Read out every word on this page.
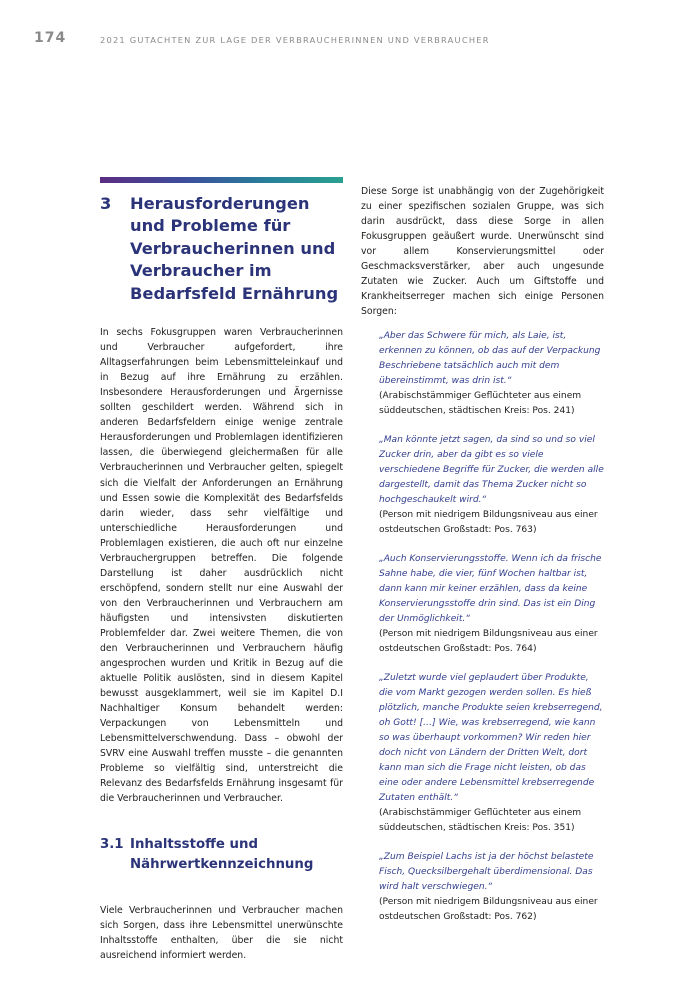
174	2021 GUTACHTEN ZUR LAGE DER VERBRAUCHERINNEN UND VERBRAUCHER
3	Herausforderungen und Probleme für Verbraucherinnen und Verbraucher im Bedarfsfeld Ernährung

In sechs Fokusgruppen waren Verbraucherinnen und Verbraucher aufgefordert, ihre Alltagserfahrungen beim Lebensmitteleinkauf und in Bezug auf ihre Ernährung zu erzählen. Insbesondere Herausforderungen und Ärgernisse sollten geschildert werden. Während sich in anderen Bedarfsfeldern einige wenige zentrale Herausforderungen und Problemlagen identifizieren lassen, die überwiegend gleichermaßen für alle Verbraucherinnen und Verbraucher gelten, spiegelt sich die Vielfalt der Anforderungen an Ernährung und Essen sowie die Komplexität des Bedarfsfelds darin wieder, dass sehr vielfältige und unterschiedliche Herausforderungen und Problemlagen existieren, die auch oft nur einzelne Verbrauchergruppen betreffen. Die folgende Darstellung ist daher ausdrücklich nicht erschöpfend, sondern stellt nur eine Auswahl der von den Verbraucherinnen und Verbrauchern am häufigsten und intensivsten diskutierten Problemfelder dar. Zwei weitere Themen, die von den Verbraucherinnen und Verbrauchern häufig angesprochen wurden und Kritik in Bezug auf die aktuelle Politik auslösten, sind in diesem Kapitel bewusst ausgeklammert, weil sie im Kapitel D.I Nachhaltiger Konsum behandelt werden: Verpackungen von Lebensmitteln und Lebensmittelverschwendung. Dass – obwohl der SVRV eine Auswahl treffen musste – die genannten Probleme so vielfältig sind, unterstreicht die Relevanz des Bedarfsfelds Ernährung insgesamt für die Verbraucherinnen und Verbraucher.

3.1 Inhaltsstoffe und Nährwertkennzeichnung

Viele Verbraucherinnen und Verbraucher machen sich Sorgen, dass ihre Lebensmittel unerwünschte Inhaltsstoffe enthalten, über die sie nicht ausreichend informiert werden.

Diese Sorge ist unabhängig von der Zugehörigkeit zu einer spezifischen sozialen Gruppe, was sich darin ausdrückt, dass diese Sorge in allen Fokusgruppen geäußert wurde. Unerwünscht sind vor allem Konservierungsmittel oder Geschmacksverstärker, aber auch ungesunde Zutaten wie Zucker. Auch um Giftstoffe und Krankheitserreger machen sich einige Personen Sorgen:

„Aber das Schwere für mich, als Laie, ist, erkennen zu können, ob das auf der Verpackung Beschriebene tatsächlich auch mit dem übereinstimmt, was drin ist.“

(Arabischstämmiger Geflüchteter aus einem süddeutschen, städtischen Kreis: Pos. 241)

„Man könnte jetzt sagen, da sind so und so viel Zucker drin, aber da gibt es so viele verschiedene Begriffe für Zucker, die werden alle dargestellt, damit das Thema Zucker nicht so hochgeschaukelt wird.“

(Person mit niedrigem Bildungsniveau aus einer ostdeutschen Großstadt: Pos. 763)

„Auch Konservierungsstoffe. Wenn ich da frische Sahne habe, die vier, fünf Wochen haltbar ist, dann kann mir keiner erzählen, dass da keine Konservierungsstoffe drin sind. Das ist ein Ding der Unmöglichkeit.“

(Person mit niedrigem Bildungsniveau aus einer ostdeutschen Großstadt: Pos. 764)

„Zuletzt wurde viel geplaudert über Produkte, die vom Markt gezogen werden sollen. Es hieß plötzlich, manche Produkte seien krebserregend, oh Gott! […] Wie, was krebserregend, wie kann so was überhaupt vorkommen? Wir reden hier doch nicht von Ländern der Dritten Welt, dort kann man sich die Frage nicht leisten, ob das eine oder andere Lebensmittel krebserregende Zutaten enthält.“

(Arabischstämmiger Geflüchteter aus einem süddeutschen, städtischen Kreis: Pos. 351)

„Zum Beispiel Lachs ist ja der höchst belastete Fisch, Quecksilbergehalt überdimensional. Das wird halt verschwiegen.“

(Person mit niedrigem Bildungsniveau aus einer ostdeutschen Großstadt: Pos. 762)
